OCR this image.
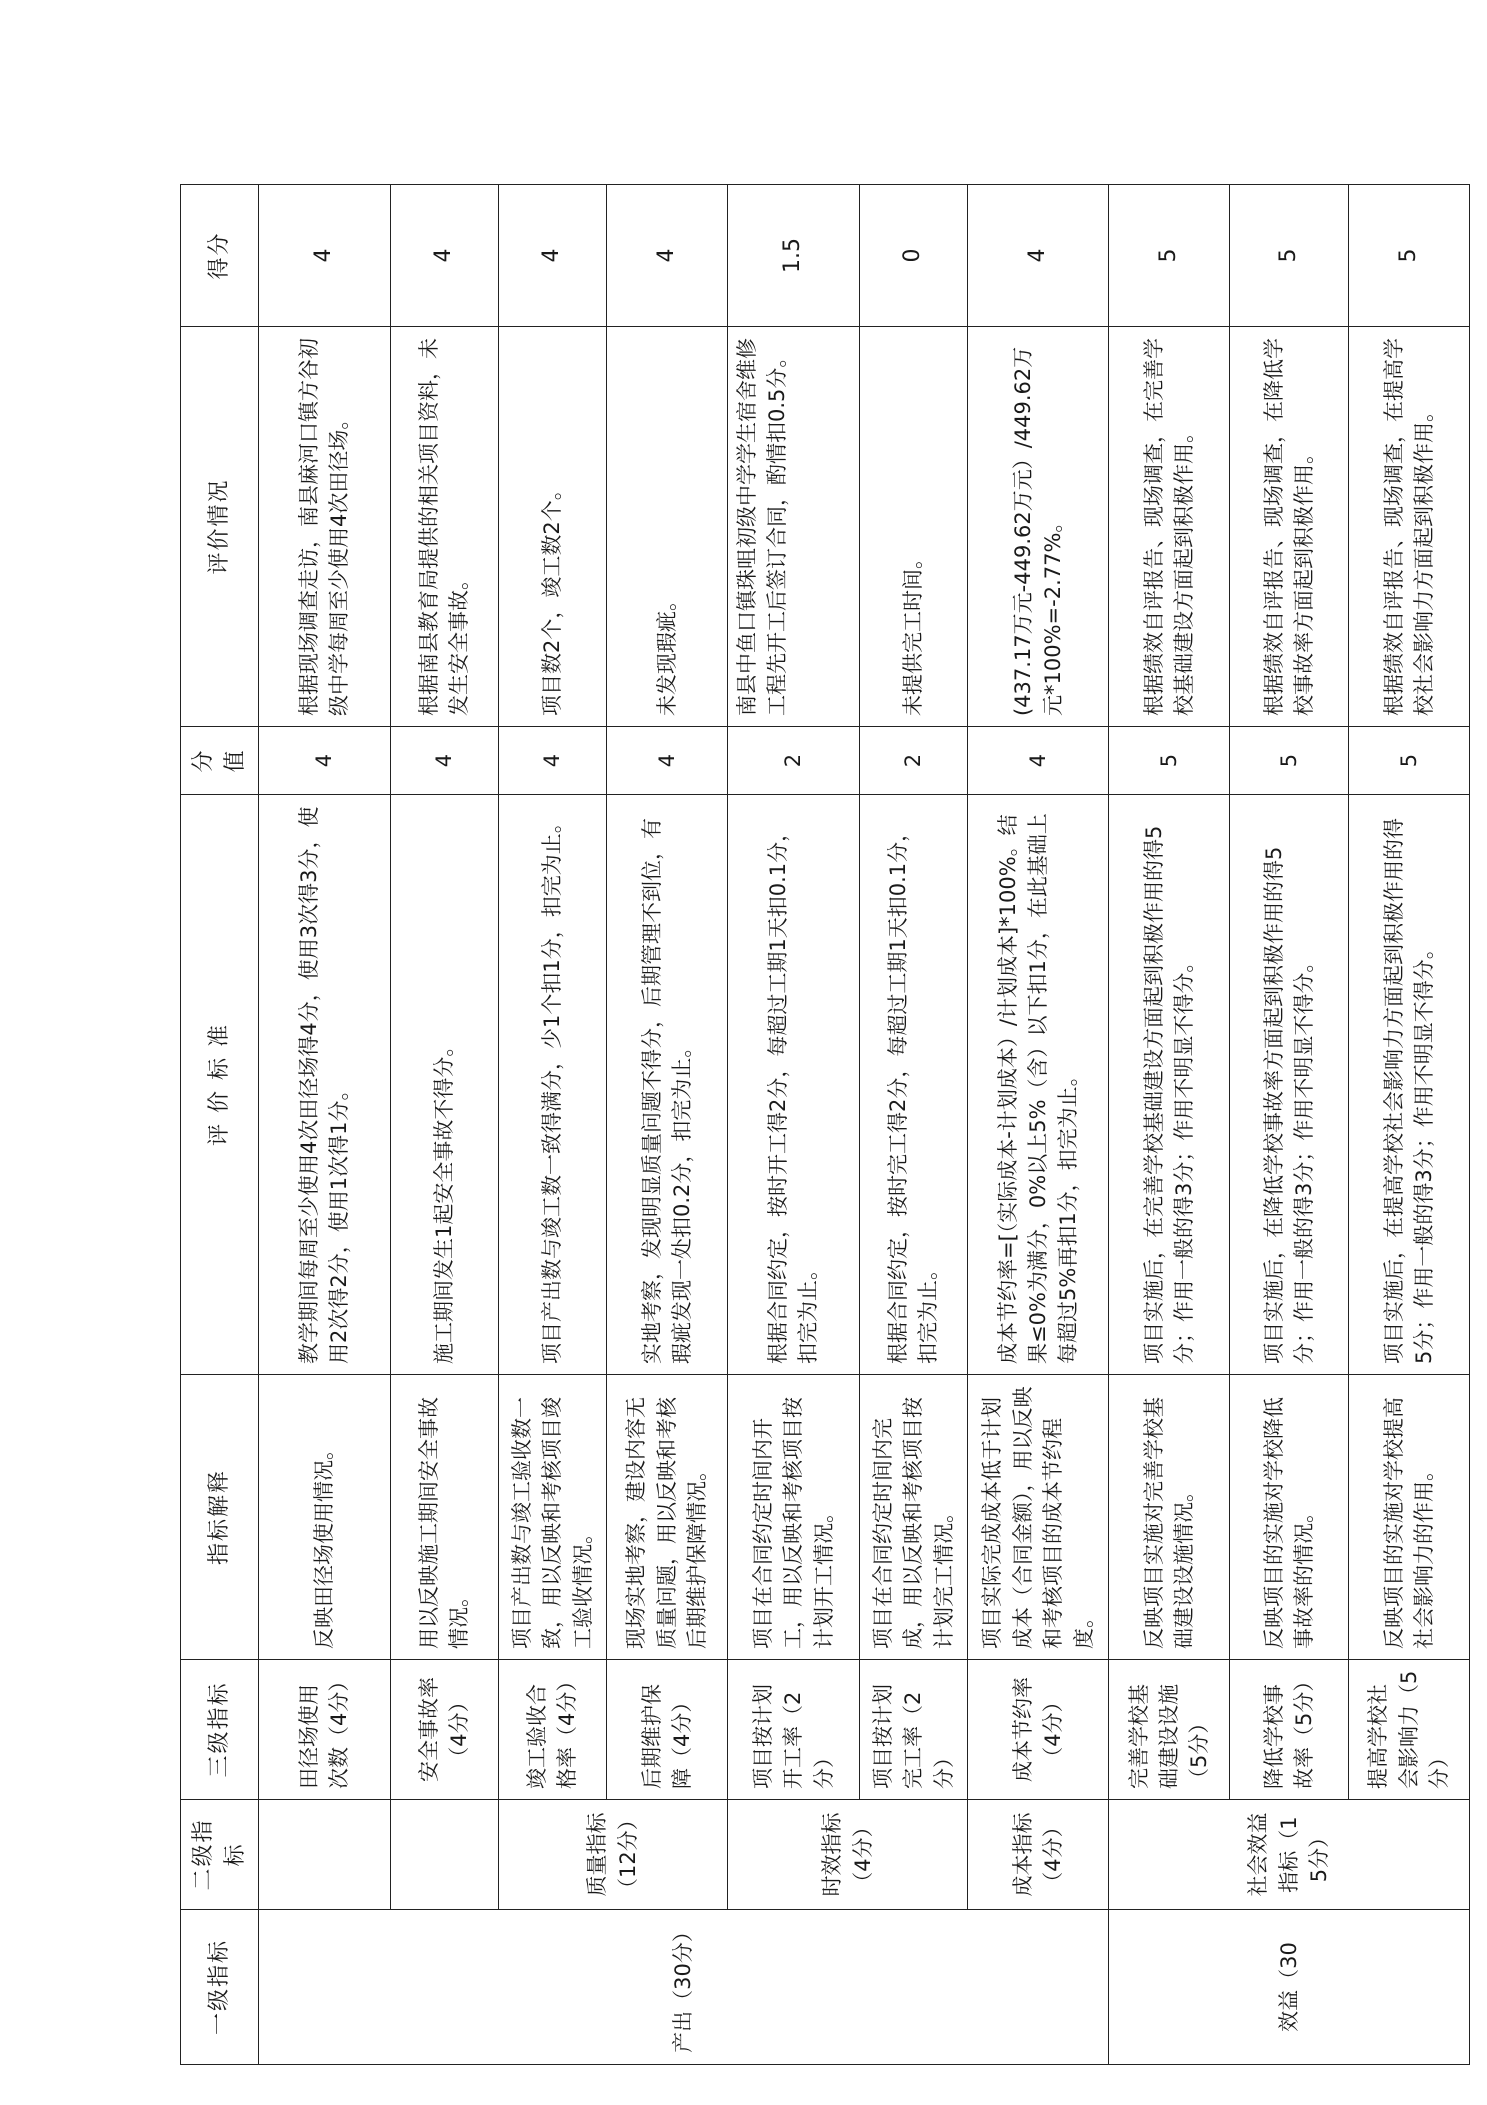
一级指标	二级指标	三级指标	指标解释	评 价 标 准	分值	评价情况	得分
产出（30分）		田径场使用次数（4分）	反映田径场使用情况。	教学期间每周至少使用4次田径场得4分，使用3次得3分，使用2次得2分，使用1次得1分。	4	根据现场调查走访，南县麻河口镇方谷初级中学每周至少使用4次田径场。	4
		安全事故率（4分）	用以反映施工期间安全事故情况。	施工期间发生1起安全事故不得分。	4	根据南县教育局提供的相关项目资料，未发生安全事故。	4
	质量指标（12分）	竣工验收合格率（4分）	项目产出数与竣工验收数一致，用以反映和考核项目竣工验收情况。	项目产出数与竣工数一致得满分，少1个扣1分，扣完为止。	4	项目数2个，竣工数2个。	4
		后期维护保障（4分）	现场实地考察，建设内容无质量问题，用以反映和考核后期维护保障情况。	实地考察，发现明显质量问题不得分，后期管理不到位，有瑕疵发现一处扣0.2分，扣完为止。	4	未发现瑕疵。	4
	时效指标（4分）	项目按计划开工率（2分）	项目在合同约定时间内开工，用以反映和考核项目按计划开工情况。	根据合同约定，按时开工得2分，每超过工期1天扣0.1分，扣完为止。	2	南县中鱼口镇珠咀初级中学学生宿舍维修工程先开工后签订合同，酌情扣0.5分。	1.5
		项目按计划完工率（2分）	项目在合同约定时间内完成，用以反映和考核项目按计划完工情况。	根据合同约定，按时完工得2分，每超过工期1天扣0.1分，扣完为止。	2	未提供完工时间。	0
	成本指标（4分）	成本节约率（4分）	项目实际完成成本低于计划成本（合同金额），用以反映和考核项目的成本节约程度。	成本节约率=[（实际成本-计划成本）/计划成本]*100%。结果≤0%为满分，0%以上5%（含）以下扣1分，在此基础上每超过5%再扣1分，扣完为止。	4	(437.17万元-449.62万元）/449.62万元*100%=-2.77%。	4
效益（30	社会效益指标（15分）	完善学校基础建设设施（5分）	反映项目实施对完善学校基础建设设施情况。	项目实施后，在完善学校基础建设方面起到积极作用的得5分；作用一般的得3分；作用不明显不得分。	5	根据绩效自评报告、现场调查，在完善学校基础建设方面起到积极作用。	5
		降低学校事故率（5分）	反映项目的实施对学校降低事故率的情况。	项目实施后，在降低学校事故率方面起到积极作用的得5分；作用一般的得3分；作用不明显不得分。	5	根据绩效自评报告、现场调查，在降低学校事故率方面起到积极作用。	5
		提高学校社会影响力（5分）	反映项目的实施对学校提高社会影响力的作用。	项目实施后，在提高学校社会影响力方面起到积极作用的得5分；作用一般的得3分；作用不明显不得分。	5	根据绩效自评报告、现场调查，在提高学校社会影响力方面起到积极作用。	5
